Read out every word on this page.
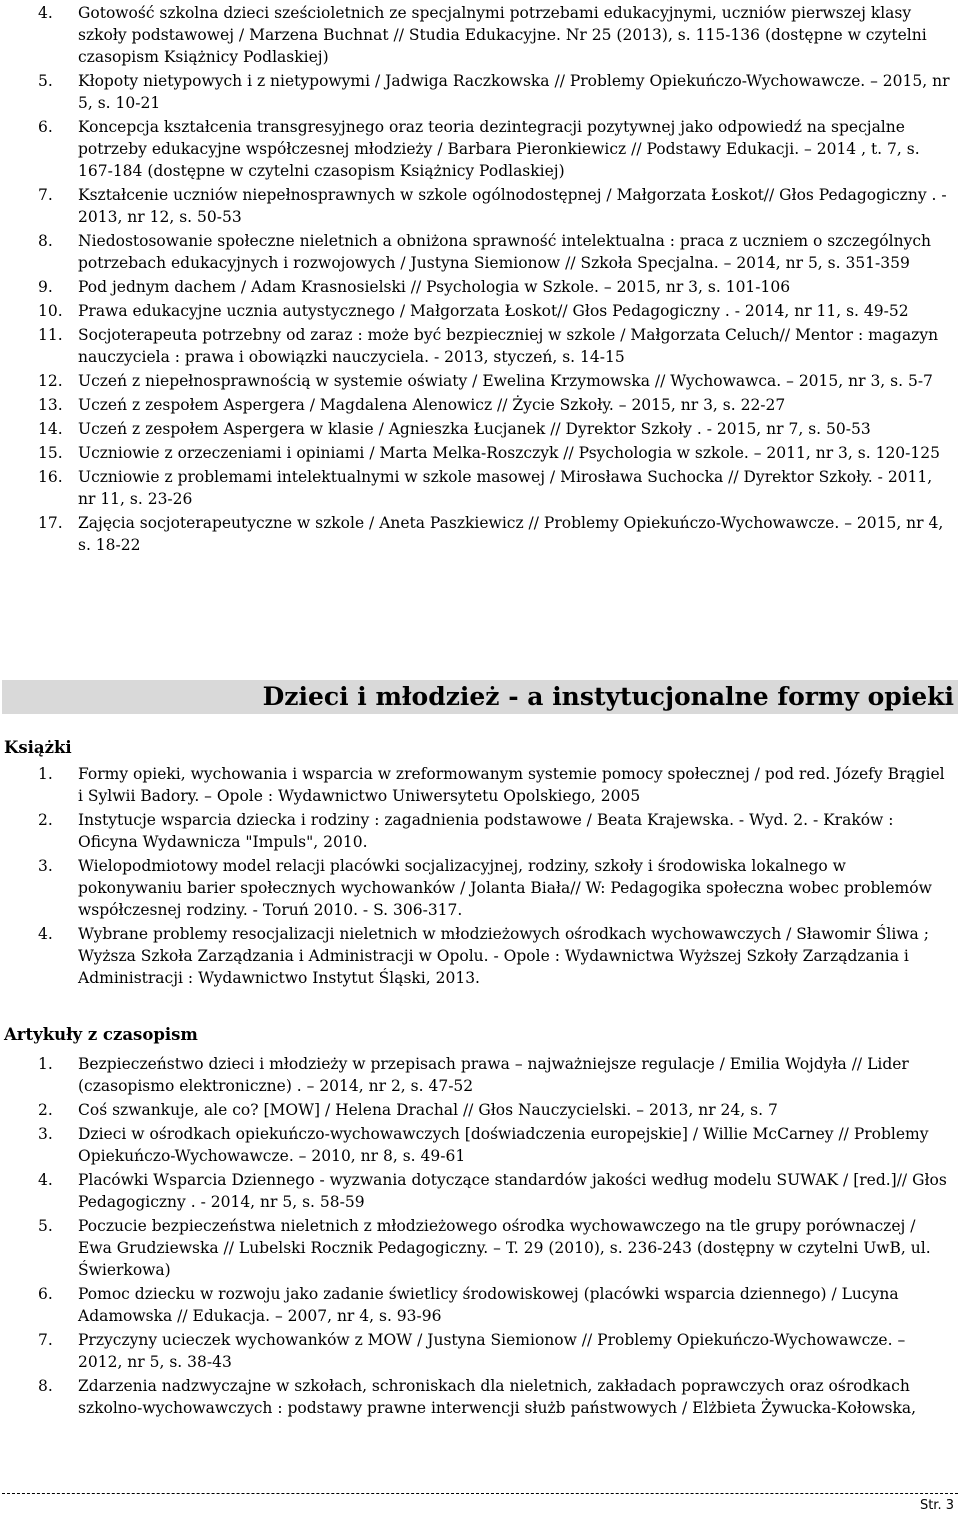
4. Gotowość szkolna dzieci sześcioletnich ze specjalnymi potrzebami edukacyjnymi, uczniów pierwszej klasy szkoły podstawowej / Marzena Buchnat // Studia Edukacyjne. Nr 25 (2013), s. 115-136 (dostępne w czytelni czasopism Książnicy Podlaskiej)
5. Kłopoty nietypowych i z nietypowymi / Jadwiga Raczkowska // Problemy Opiekuńczo-Wychowawcze. – 2015, nr 5, s. 10-21
6. Koncepcja kształcenia transgresyjnego oraz teoria dezintegracji pozytywnej jako odpowiedź na specjalne potrzeby edukacyjne współczesnej młodzieży / Barbara Pieronkiewicz // Podstawy Edukacji. – 2014 , t. 7, s. 167-184 (dostępne w czytelni czasopism Książnicy Podlaskiej)
7. Kształcenie uczniów niepełnosprawnych w szkole ogólnodostępnej / Małgorzata Łoskot// Głos Pedagogiczny . - 2013, nr 12, s. 50-53
8. Niedostosowanie społeczne nieletnich a obniżona sprawność intelektualna : praca z uczniem o szczególnych potrzebach edukacyjnych i rozwojowych / Justyna Siemionow // Szkoła Specjalna. – 2014, nr 5, s. 351-359
9. Pod jednym dachem / Adam Krasnosielski // Psychologia w Szkole. – 2015, nr 3, s. 101-106
10. Prawa edukacyjne ucznia autystycznego / Małgorzata Łoskot// Głos Pedagogiczny . - 2014, nr 11, s. 49-52
11. Socjoterapeuta potrzebny od zaraz : może być bezpieczniej w szkole / Małgorzata Celuch// Mentor : magazyn nauczyciela : prawa i obowiązki nauczyciela. - 2013, styczeń, s. 14-15
12. Uczeń z niepełnosprawnością w systemie oświaty / Ewelina Krzymowska // Wychowawca. – 2015, nr 3, s. 5-7
13. Uczeń z zespołem Aspergera / Magdalena Alenowicz // Życie Szkoły. – 2015, nr 3, s. 22-27
14. Uczeń z zespołem Aspergera w klasie / Agnieszka Łucjanek // Dyrektor Szkoły . - 2015, nr 7, s. 50-53
15. Uczniowie z orzeczeniami i opiniami / Marta Melka-Roszczyk // Psychologia w szkole. – 2011, nr 3, s. 120-125
16. Uczniowie z problemami intelektualnymi w szkole masowej / Mirosława Suchocka // Dyrektor Szkoły. - 2011, nr 11, s. 23-26
17. Zajęcia socjoterapeutyczne w szkole / Aneta Paszkiewicz // Problemy Opiekuńczo-Wychowawcze. – 2015, nr 4, s. 18-22
Dzieci i młodzież - a instytucjonalne formy opieki
Książki
1. Formy opieki, wychowania i wsparcia w zreformowanym systemie pomocy społecznej / pod red. Józefy Brągiel i Sylwii Badory. – Opole : Wydawnictwo Uniwersytetu Opolskiego, 2005
2. Instytucje wsparcia dziecka i rodziny : zagadnienia podstawowe / Beata Krajewska. - Wyd. 2. - Kraków : Oficyna Wydawnicza "Impuls", 2010.
3. Wielopodmiotowy model relacji placówki socjalizacyjnej, rodziny, szkoły i środowiska lokalnego w pokonywaniu barier społecznych wychowanków / Jolanta Biała// W: Pedagogika społeczna wobec problemów współczesnej rodziny. - Toruń 2010. - S. 306-317.
4. Wybrane problemy resocjalizacji nieletnich w młodzieżowych ośrodkach wychowawczych / Sławomir Śliwa ; Wyższa Szkoła Zarządzania i Administracji w Opolu. - Opole : Wydawnictwa Wyższej Szkoły Zarządzania i Administracji : Wydawnictwo Instytut Śląski, 2013.
Artykuły z czasopism
1. Bezpieczeństwo dzieci i młodzieży w przepisach prawa – najważniejsze regulacje / Emilia Wojdyła // Lider (czasopismo elektroniczne) . – 2014, nr 2, s. 47-52
2. Coś szwankuje, ale co? [MOW] / Helena Drachal // Głos Nauczycielski. – 2013, nr 24, s. 7
3. Dzieci w ośrodkach opiekuńczo-wychowawczych [doświadczenia europejskie] / Willie McCarney // Problemy Opiekuńczo-Wychowawcze. – 2010, nr 8, s. 49-61
4. Placówki Wsparcia Dziennego - wyzwania dotyczące standardów jakości według modelu SUWAK / [red.]// Głos Pedagogiczny . - 2014, nr 5, s. 58-59
5. Poczucie bezpieczeństwa nieletnich z młodzieżowego ośrodka wychowawczego na tle grupy porównaczej / Ewa Grudziewska // Lubelski Rocznik Pedagogiczny. – T. 29 (2010), s. 236-243 (dostępny w czytelni UwB, ul. Świerkowa)
6. Pomoc dziecku w rozwoju jako zadanie świetlicy środowiskowej (placówki wsparcia dziennego) / Lucyna Adamowska // Edukacja. – 2007, nr 4, s. 93-96
7. Przyczyny ucieczek wychowanków z MOW / Justyna Siemionow // Problemy Opiekuńczo-Wychowawcze. – 2012, nr 5, s. 38-43
8. Zdarzenia nadzwyczajne w szkołach, schroniskach dla nieletnich, zakładach poprawczych oraz ośrodkach szkolno-wychowawczych : podstawy prawne interwencji służb państwowych / Elżbieta Żywucka-Kołowska,
Str. 3
